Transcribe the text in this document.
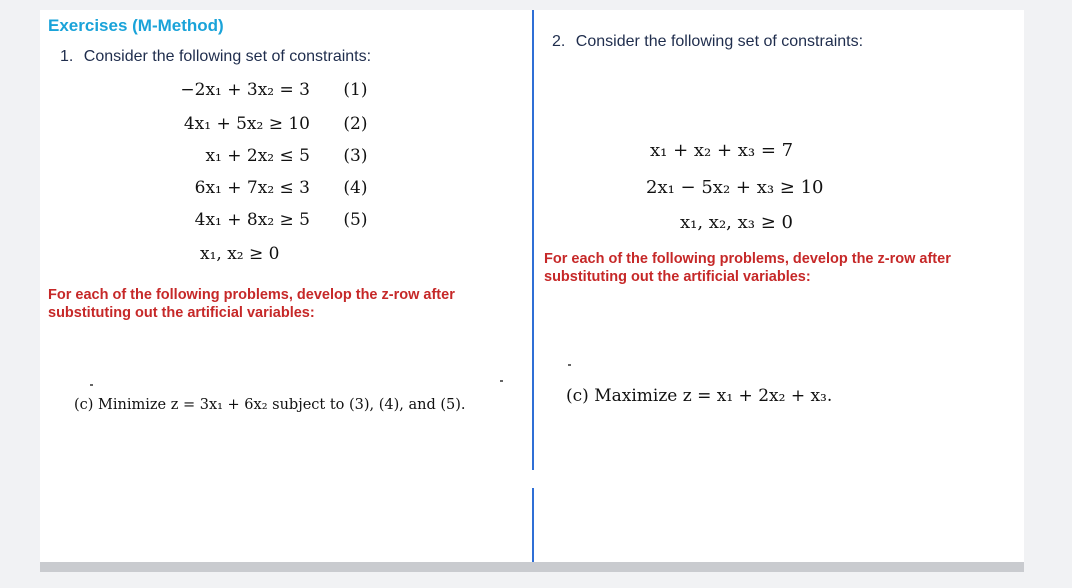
Exercises (M-Method)
1. Consider the following set of constraints:
−2x₁ + 3x₂ = 3 (1)
4x₁ + 5x₂ ≥ 10 (2)
x₁ + 2x₂ ≤ 5 (3)
6x₁ + 7x₂ ≤ 3 (4)
4x₁ + 8x₂ ≥ 5 (5)
x₁, x₂ ≥ 0
For each of the following problems, develop the z-row after substituting out the artificial variables:
(c) Minimize z = 3x₁ + 6x₂ subject to (3), (4), and (5).
2. Consider the following set of constraints:
x₁ + x₂ + x₃ = 7
2x₁ − 5x₂ + x₃ ≥ 10
x₁, x₂, x₃ ≥ 0
For each of the following problems, develop the z-row after substituting out the artificial variables:
(c) Maximize z = x₁ + 2x₂ + x₃.
